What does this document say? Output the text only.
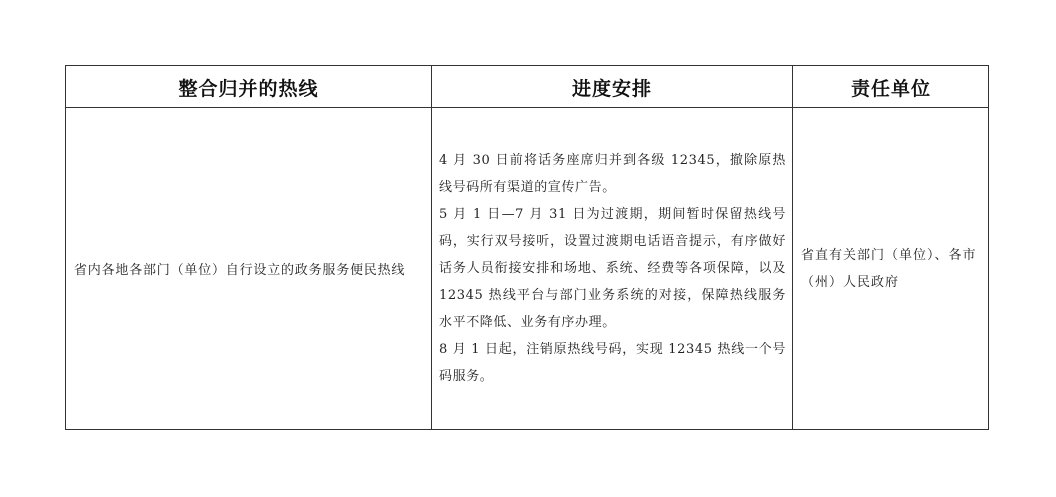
整合归并的热线	进度安排	责任单位
省内各地各部门（单位）自行设立的政务服务便民热线

4 月 30 日前将话务座席归并到各级 12345，撤除原热线号码所有渠道的宣传广告。

5 月 1 日—7 月 31 日为过渡期，期间暂时保留热线号码，实行双号接听，设置过渡期电话语音提示，有序做好话务人员衔接安排和场地、系统、经费等各项保障，以及 12345 热线平台与部门业务系统的对接，保障热线服务水平不降低、业务有序办理。

8 月 1 日起，注销原热线号码，实现 12345 热线一个号码服务。

省直有关部门（单位）、各市（州）人民政府
